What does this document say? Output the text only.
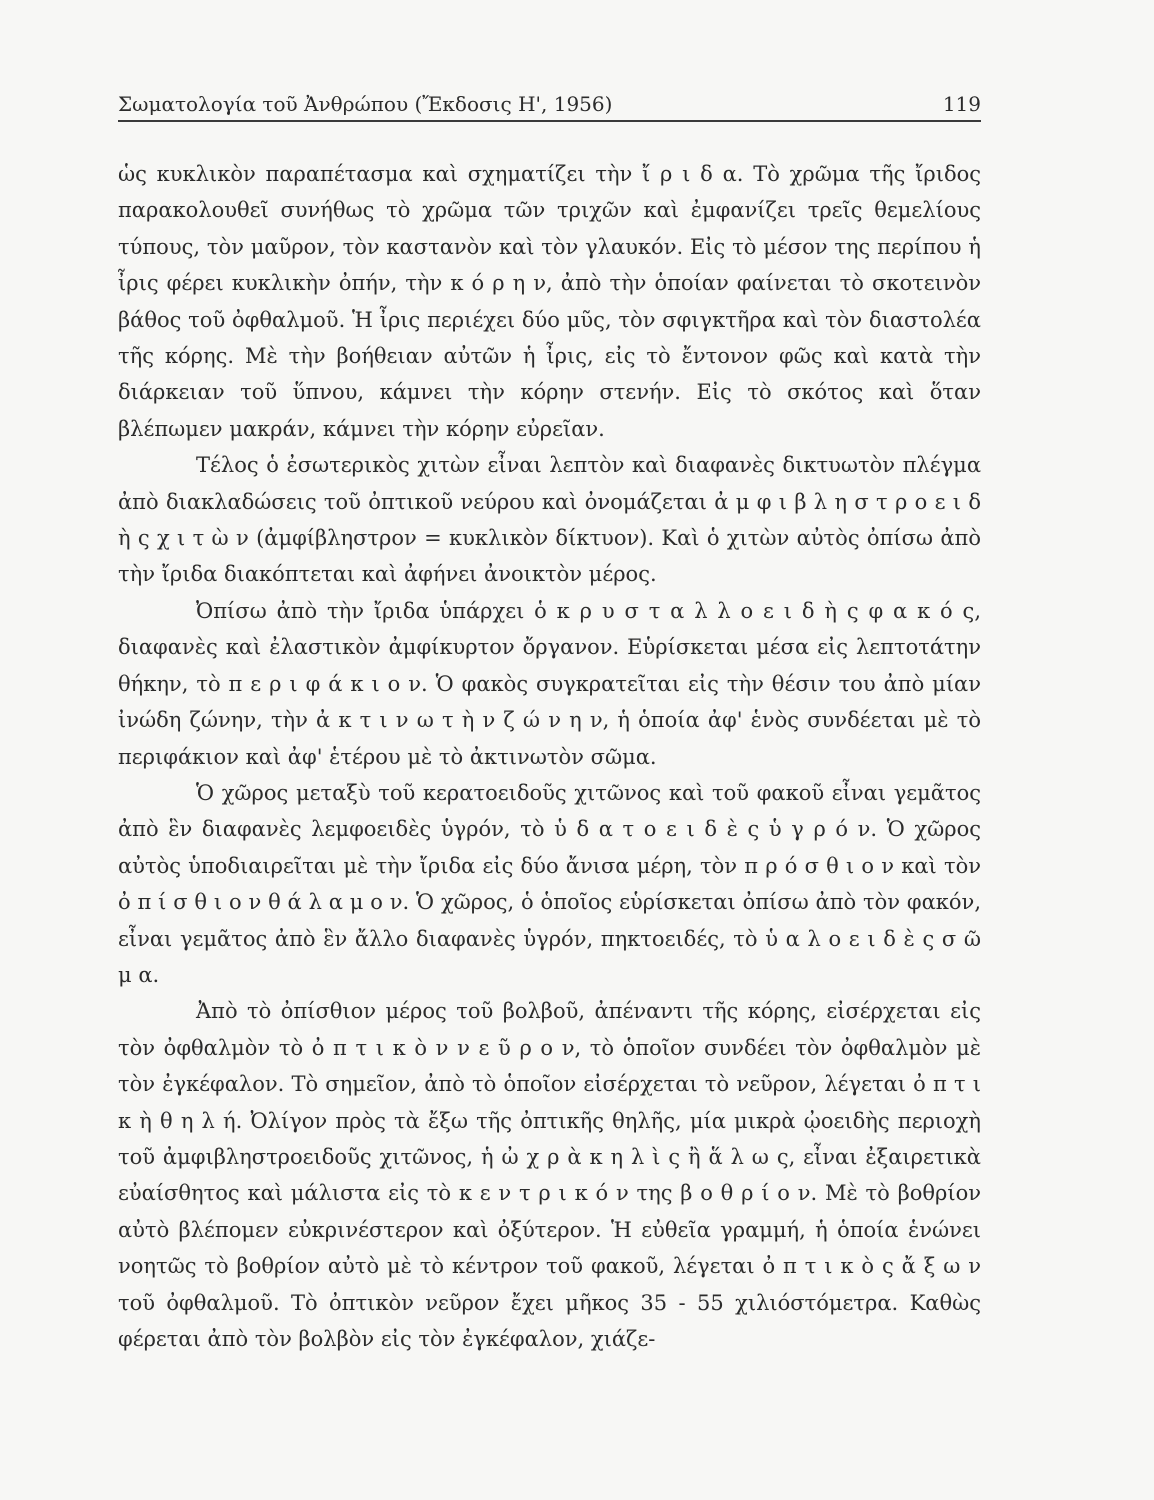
Σωματολογία τοῦ Ἀνθρώπου (Ἔκδοσις Η', 1956)	119

ὡς κυκλικὸν παραπέτασμα καὶ σχηματίζει τὴν ἴ ρ ι δ α. Τὸ χρῶμα τῆς ἴριδος παρακολουθεῖ συνήθως τὸ χρῶμα τῶν τριχῶν καὶ ἐμφανίζει τρεῖς θεμελίους τύπους, τὸν μαῦρον, τὸν καστανὸν καὶ τὸν γλαυκόν. Εἰς τὸ μέσον της περίπου ἡ ἶρις φέρει κυκλικὴν ὀπήν, τὴν κ ό ρ η ν, ἀπὸ τὴν ὁποίαν φαίνεται τὸ σκοτεινὸν βάθος τοῦ ὀφθαλμοῦ. Ἡ ἶρις περιέχει δύο μῦς, τὸν σφιγκτῆρα καὶ τὸν διαστολέα τῆς κόρης. Μὲ τὴν βοήθειαν αὐτῶν ἡ ἶρις, εἰς τὸ ἔντονον φῶς καὶ κατὰ τὴν διάρκειαν τοῦ ὕπνου, κάμνει τὴν κόρην στενήν. Εἰς τὸ σκότος καὶ ὅταν βλέπωμεν μακράν, κάμνει τὴν κόρην εὐρεῖαν.

Τέλος ὁ ἐσωτερικὸς χιτὼν εἶναι λεπτὸν καὶ διαφανὲς δικτυωτὸν πλέγμα ἀπὸ διακλαδώσεις τοῦ ὀπτικοῦ νεύρου καὶ ὀνομάζεται ἀ μ φ ι β λ η σ τ ρ ο ε ι δ ὴ ς χ ι τ ὼ ν (ἀμφίβληστρον = κυκλικὸν δίκτυον). Καὶ ὁ χιτὼν αὐτὸς ὀπίσω ἀπὸ τὴν ἴριδα διακόπτεται καὶ ἀφήνει ἀνοικτὸν μέρος.

Ὀπίσω ἀπὸ τὴν ἴριδα ὑπάρχει ὁ κ ρ υ σ τ α λ λ ο ε ι δ ὴ ς φ α κ ό ς, διαφανὲς καὶ ἐλαστικὸν ἀμφίκυρτον ὄργανον. Εὑρίσκεται μέσα εἰς λεπτοτάτην θήκην, τὸ π ε ρ ι φ ά κ ι ο ν. Ὁ φακὸς συγκρατεῖται εἰς τὴν θέσιν του ἀπὸ μίαν ἰνώδη ζώνην, τὴν ἀ κ τ ι ν ω τ ὴ ν ζ ώ ν η ν, ἡ ὁποία ἀφ' ἑνὸς συνδέεται μὲ τὸ περιφάκιον καὶ ἀφ' ἑτέρου μὲ τὸ ἀκτινωτὸν σῶμα.

Ὁ χῶρος μεταξὺ τοῦ κερατοειδοῦς χιτῶνος καὶ τοῦ φακοῦ εἶναι γεμᾶτος ἀπὸ ἓν διαφανὲς λεμφοειδὲς ὑγρόν, τὸ ὑ δ α τ ο ε ι δ ὲ ς ὑ γ ρ ό ν. Ὁ χῶρος αὐτὸς ὑποδιαιρεῖται μὲ τὴν ἴριδα εἰς δύο ἄνισα μέρη, τὸν π ρ ό σ θ ι ο ν καὶ τὸν ὀ π ί σ θ ι ο ν θ ά λ α μ ο ν. Ὁ χῶρος, ὁ ὁποῖος εὑρίσκεται ὀπίσω ἀπὸ τὸν φακόν, εἶναι γεμᾶτος ἀπὸ ἓν ἄλλο διαφανὲς ὑγρόν, πηκτοειδές, τὸ ὑ α λ ο ε ι δ ὲ ς σ ῶ μ α.

Ἀπὸ τὸ ὀπίσθιον μέρος τοῦ βολβοῦ, ἀπέναντι τῆς κόρης, εἰσέρχεται εἰς τὸν ὀφθαλμὸν τὸ ὀ π τ ι κ ὸ ν ν ε ῦ ρ ο ν, τὸ ὁποῖον συνδέει τὸν ὀφθαλμὸν μὲ τὸν ἐγκέφαλον. Τὸ σημεῖον, ἀπὸ τὸ ὁποῖον εἰσέρχεται τὸ νεῦρον, λέγεται ὀ π τ ι κ ὴ θ η λ ή. Ὀλίγον πρὸς τὰ ἔξω τῆς ὀπτικῆς θηλῆς, μία μικρὰ ᾠοειδὴς περιοχὴ τοῦ ἀμφιβληστροειδοῦς χιτῶνος, ἡ ὠ χ ρ ὰ κ η λ ὶ ς ἢ ἅ λ ω ς, εἶναι ἐξαιρετικὰ εὐαίσθητος καὶ μάλιστα εἰς τὸ κ ε ν τ ρ ι κ ό ν της β ο θ ρ ί ο ν. Μὲ τὸ βοθρίον αὐτὸ βλέπομεν εὐκρινέστερον καὶ ὀξύτερον. Ἡ εὐθεῖα γραμμή, ἡ ὁποία ἑνώνει νοητῶς τὸ βοθρίον αὐτὸ μὲ τὸ κέντρον τοῦ φακοῦ, λέγεται ὀ π τ ι κ ὸ ς ἄ ξ ω ν τοῦ ὀφθαλμοῦ. Τὸ ὀπτικὸν νεῦρον ἔχει μῆκος 35 - 55 χιλιόστόμετρα. Καθὼς φέρεται ἀπὸ τὸν βολβὸν εἰς τὸν ἐγκέφαλον, χιάζε-
